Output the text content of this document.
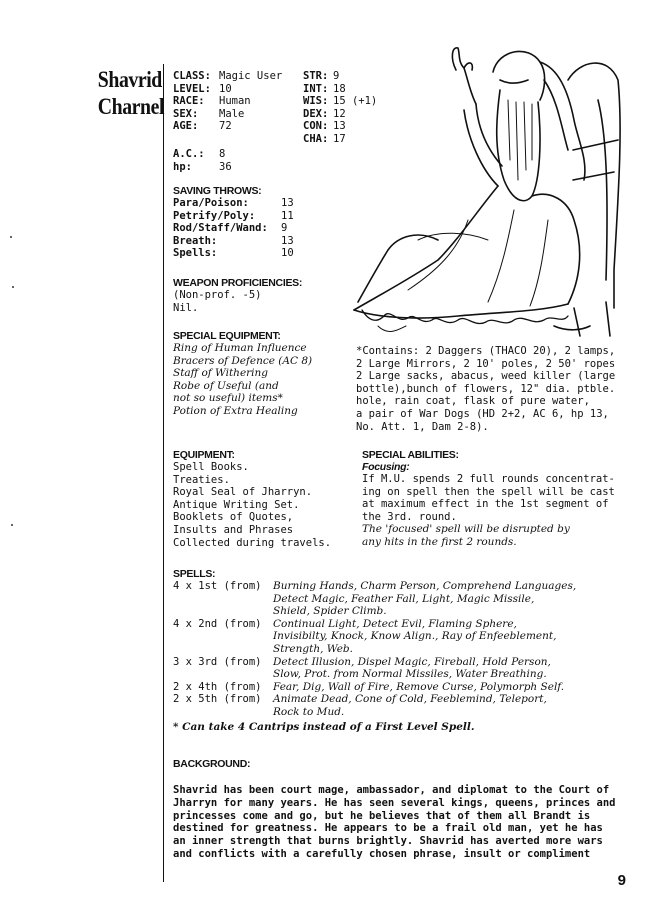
Shavrid
Charnel
CLASS: Magic User
LEVEL: 10
RACE:	Human
SEX:	Male
AGE:	72
STR: 9
INT: 18
WIS: 15 (+1)
DEX: 12
CON: 13
CHA: 17
A.C.:	8
hp:	36
SAVING THROWS:
Para/Poison:	13
Petrify/Poly:	11
Rod/Staff/Wand:	9
Breath:	13
Spells:	10
WEAPON PROFICIENCIES:
(Non-prof. -5)
Nil.
SPECIAL EQUIPMENT:
Ring of Human Influence
Bracers of Defence (AC 8)
Staff of Withering
Robe of Useful (and
not so useful) items*
Potion of Extra Healing
*Contains: 2 Daggers (THACO 20), 2 lamps,
2 Large Mirrors, 2 10' poles, 2 50' ropes
2 Large sacks, abacus, weed killer (large
bottle),bunch of flowers, 12" dia. ptble.
hole, rain coat, flask of pure water,
a pair of War Dogs (HD 2+2, AC 6, hp 13,
No. Att. 1, Dam 2-8).
EQUIPMENT:
Spell Books.
Treaties.
Royal Seal of Jharryn.
Antique Writing Set.
Booklets of Quotes,
Insults and Phrases
Collected during travels.
SPECIAL ABILITIES:
Focusing:
If M.U. spends 2 full rounds concentrat-
ing on spell then the spell will be cast
at maximum effect in the 1st segment of
the 3rd. round.
The 'focused' spell will be disrupted by
any hits in the first 2 rounds.
SPELLS:
4 x 1st (from)	Burning Hands, Charm Person, Comprehend Languages,
Detect Magic, Feather Fall, Light, Magic Missile,
Shield, Spider Climb.
4 x 2nd (from)	Continual Light, Detect Evil, Flaming Sphere,
Invisibilty, Knock, Know Align., Ray of Enfeeblement,
Strength, Web.
3 x 3rd (from)	Detect Illusion, Dispel Magic, Fireball, Hold Person,
Slow, Prot. from Normal Missiles, Water Breathing.
2 x 4th (from)	Fear, Dig, Wall of Fire, Remove Curse, Polymorph Self.
2 x 5th (from)	Animate Dead, Cone of Cold, Feeblemind, Teleport,
Rock to Mud.
* Can take 4 Cantrips instead of a First Level Spell.
BACKGROUND:
Shavrid has been court mage, ambassador, and diplomat to the Court of
Jharryn for many years. He has seen several kings, queens, princes and
princesses come and go, but he believes that of them all Brandt is
destined for greatness. He appears to be a frail old man, yet he has
an inner strength that burns brightly. Shavrid has averted more wars
and conflicts with a carefully chosen phrase, insult or compliment
9
